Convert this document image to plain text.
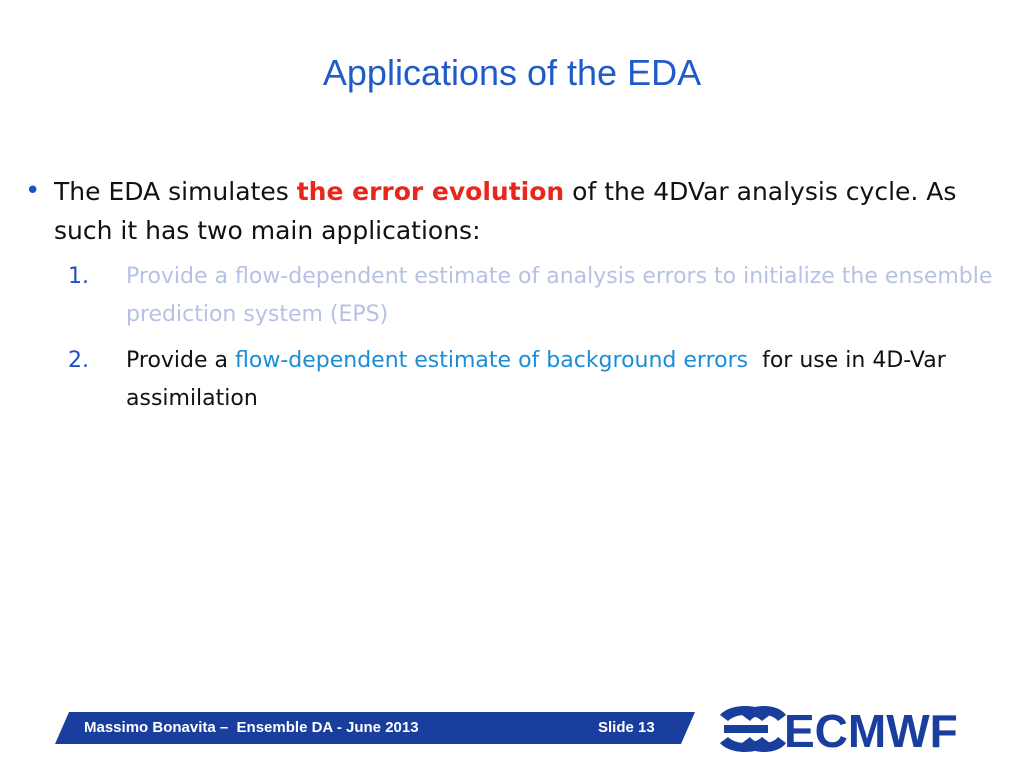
Applications of the EDA
• The EDA simulates the error evolution of the 4DVar analysis cycle. As such it has two main applications:
1. Provide a flow-dependent estimate of analysis errors to initialize the ensemble prediction system (EPS)
2. Provide a flow-dependent estimate of background errors  for use in 4D-Var assimilation
Massimo Bonavita –  Ensemble DA - June 2013	Slide 13	ECMWF
